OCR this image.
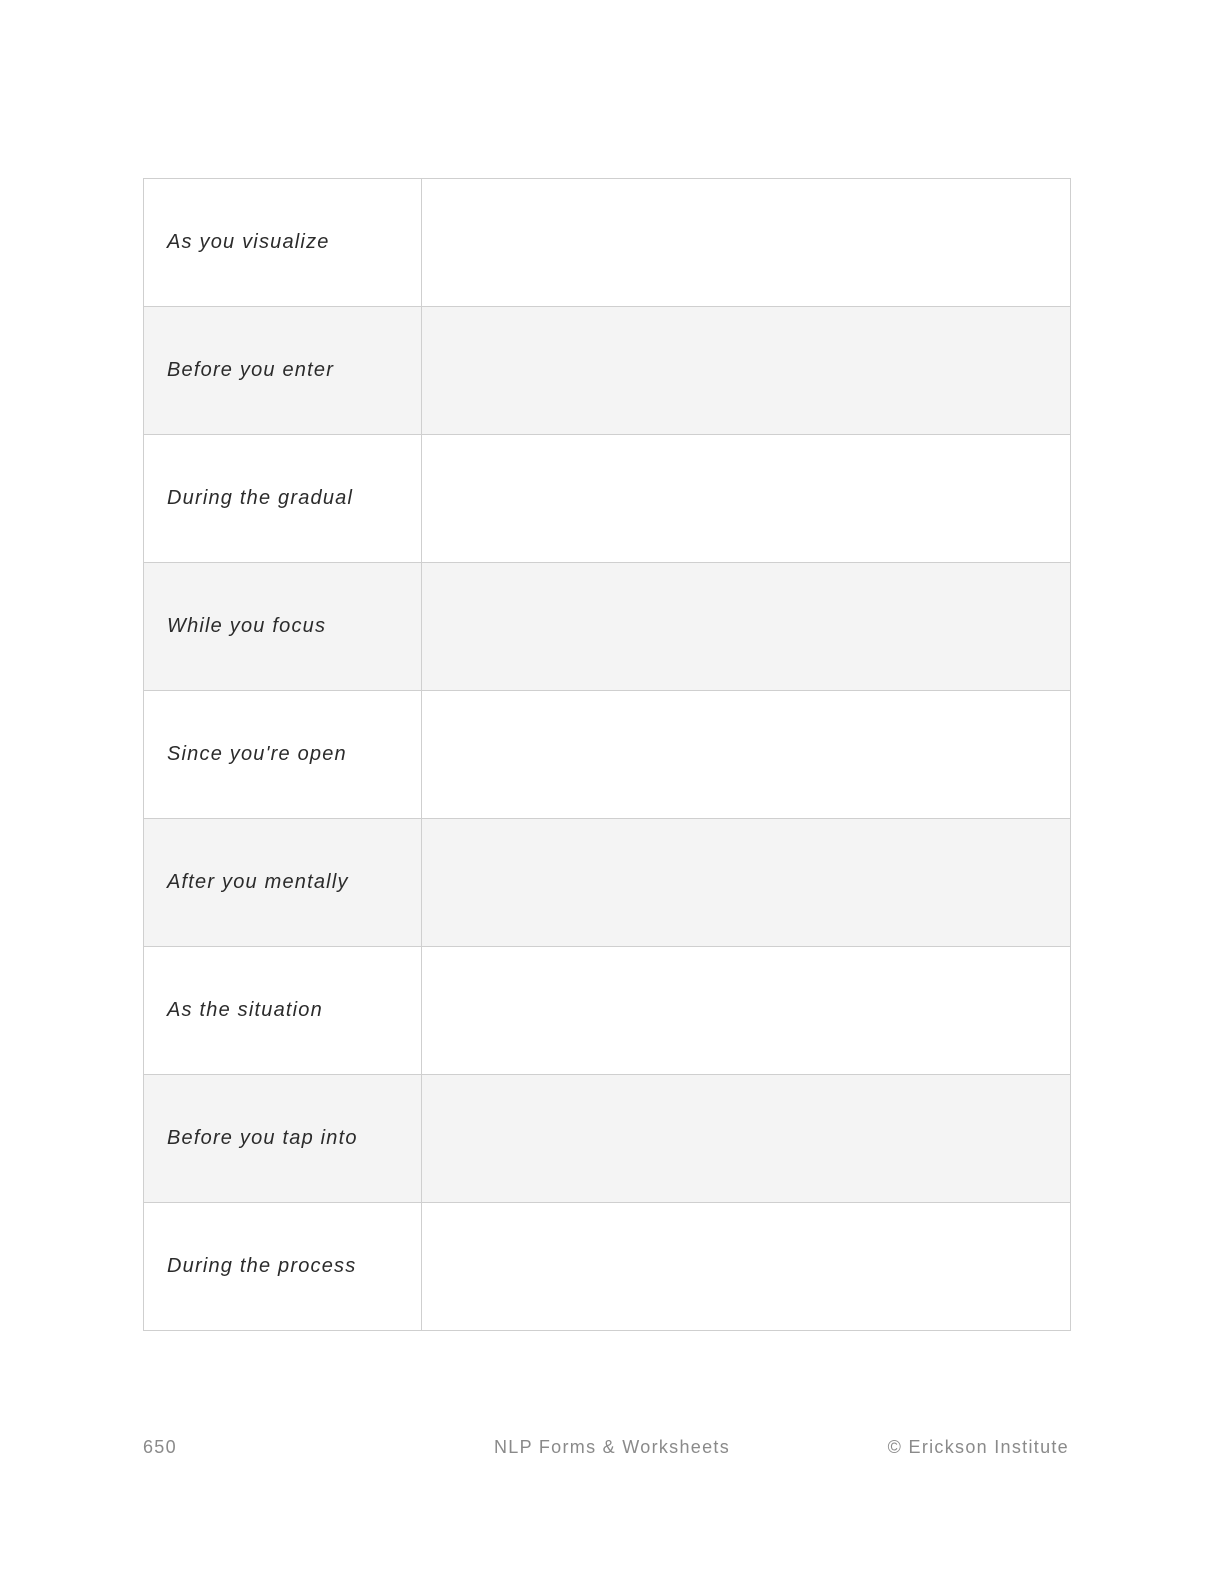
As you visualize	
Before you enter	
During the gradual	
While you focus	
Since you're open	
After you mentally	
As the situation	
Before you tap into	
During the process	
650	NLP Forms & Worksheets	© Erickson Institute
